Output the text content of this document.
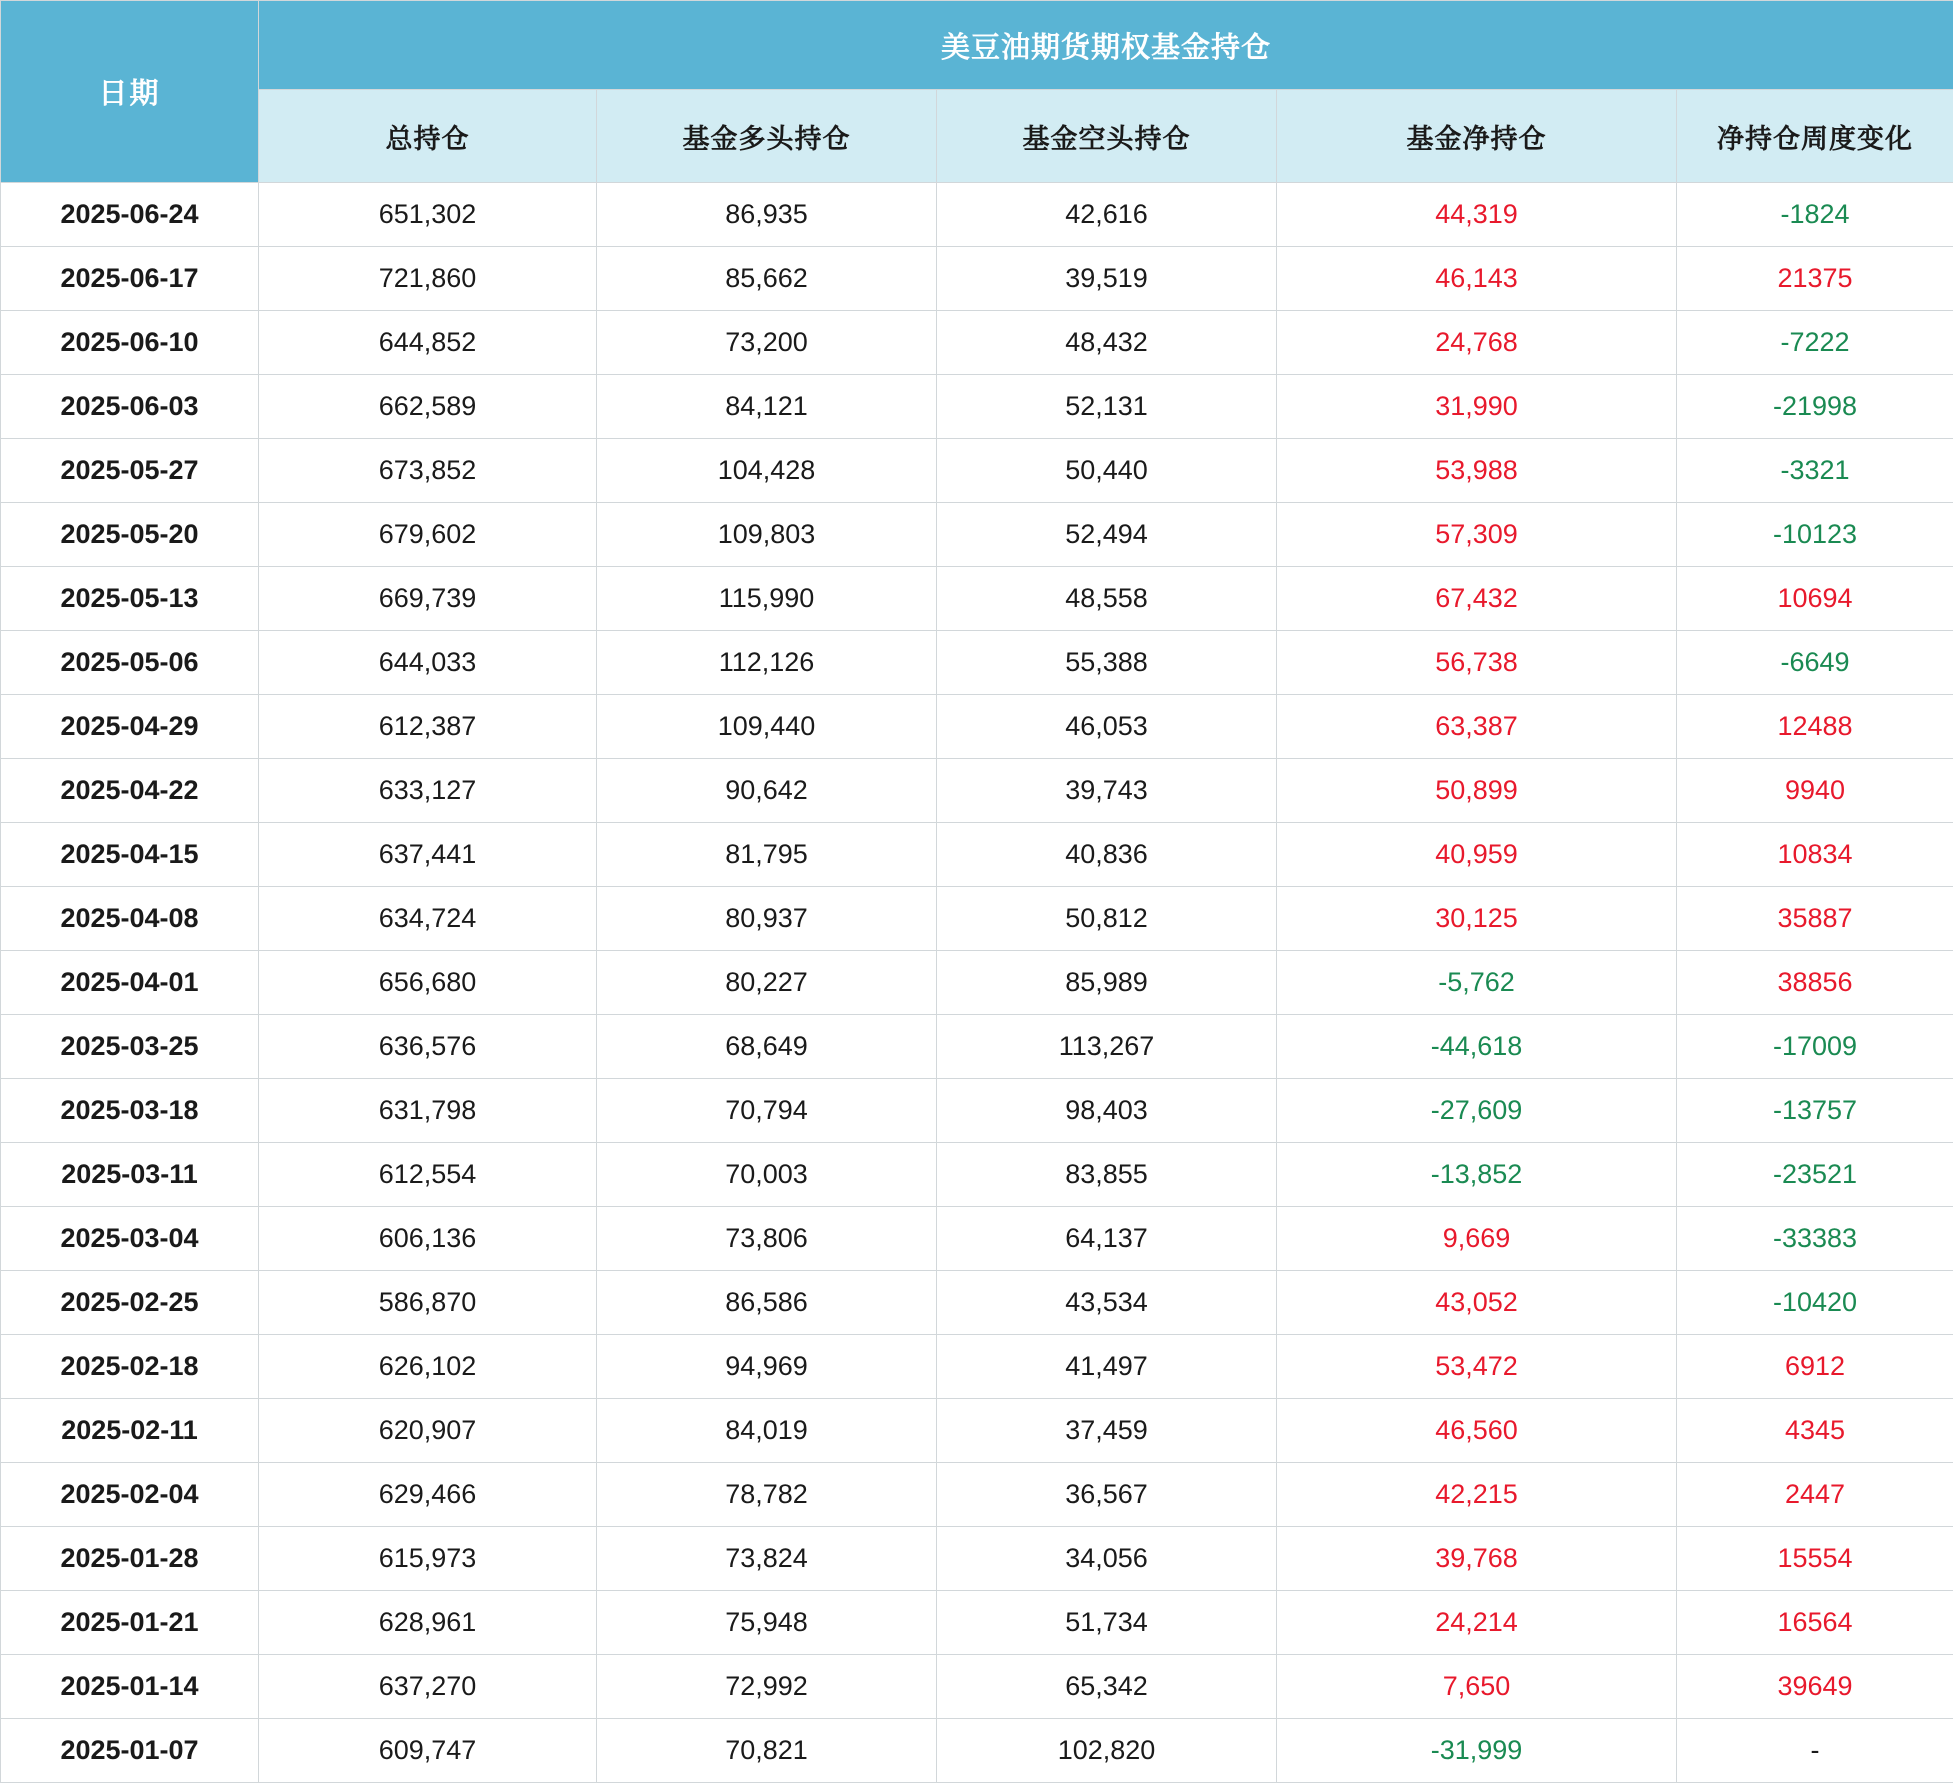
日期	美豆油期货期权基金持仓				
	总持仓	基金多头持仓	基金空头持仓	基金净持仓	净持仓周度变化
2025-06-24	651,302	86,935	42,616	44,319	-1824
2025-06-17	721,860	85,662	39,519	46,143	21375
2025-06-10	644,852	73,200	48,432	24,768	-7222
2025-06-03	662,589	84,121	52,131	31,990	-21998
2025-05-27	673,852	104,428	50,440	53,988	-3321
2025-05-20	679,602	109,803	52,494	57,309	-10123
2025-05-13	669,739	115,990	48,558	67,432	10694
2025-05-06	644,033	112,126	55,388	56,738	-6649
2025-04-29	612,387	109,440	46,053	63,387	12488
2025-04-22	633,127	90,642	39,743	50,899	9940
2025-04-15	637,441	81,795	40,836	40,959	10834
2025-04-08	634,724	80,937	50,812	30,125	35887
2025-04-01	656,680	80,227	85,989	-5,762	38856
2025-03-25	636,576	68,649	113,267	-44,618	-17009
2025-03-18	631,798	70,794	98,403	-27,609	-13757
2025-03-11	612,554	70,003	83,855	-13,852	-23521
2025-03-04	606,136	73,806	64,137	9,669	-33383
2025-02-25	586,870	86,586	43,534	43,052	-10420
2025-02-18	626,102	94,969	41,497	53,472	6912
2025-02-11	620,907	84,019	37,459	46,560	4345
2025-02-04	629,466	78,782	36,567	42,215	2447
2025-01-28	615,973	73,824	34,056	39,768	15554
2025-01-21	628,961	75,948	51,734	24,214	16564
2025-01-14	637,270	72,992	65,342	7,650	39649
2025-01-07	609,747	70,821	102,820	-31,999	-
